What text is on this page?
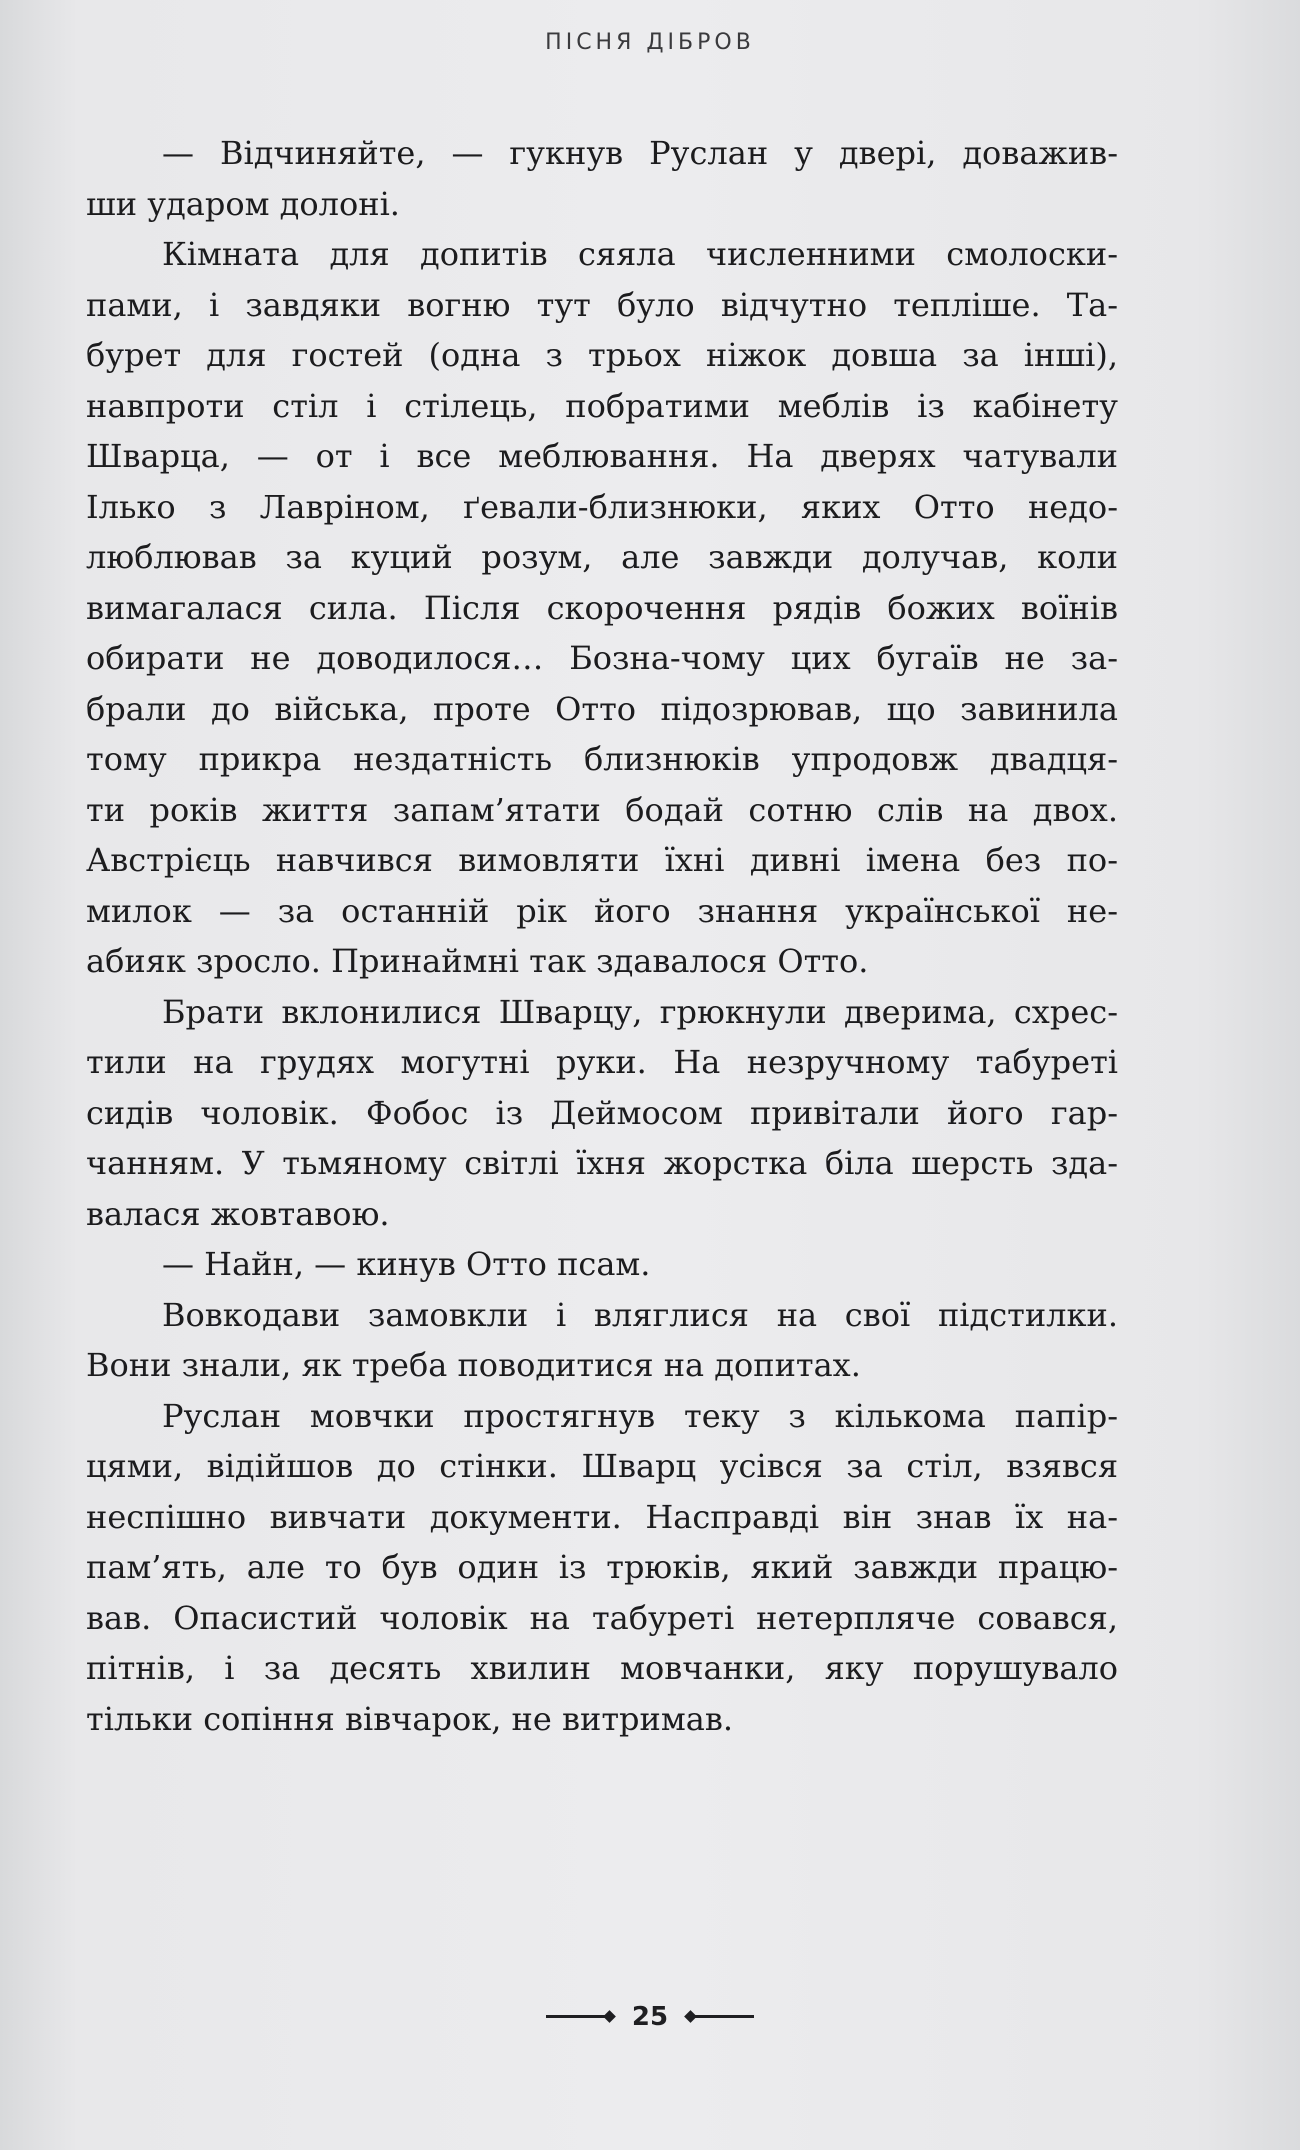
ПІСНЯ ДІБРОВ
— Відчиняйте, — гукнув Руслан у двері, доважив-
ши ударом долоні.
Кімната для допитів сяяла численними смолоски-
пами, і завдяки вогню тут було відчутно тепліше. Та-
бурет для гостей (одна з трьох ніжок довша за інші),
навпроти стіл і стілець, побратими меблів із кабінету
Шварца, — от і все меблювання. На дверях чатували
Ілько з Лавріном, ґевали-близнюки, яких Отто недо-
люблював за куций розум, але завжди долучав, коли
вимагалася сила. Після скорочення рядів божих воїнів
обирати не доводилося… Бозна-чому цих бугаїв не за-
брали до війська, проте Отто підозрював, що завинила
тому прикра нездатність близнюків упродовж двадця-
ти років життя запам’ятати бодай сотню слів на двох.
Австрієць навчився вимовляти їхні дивні імена без по-
милок — за останній рік його знання української не-
абияк зросло. Принаймні так здавалося Отто.
Брати вклонилися Шварцу, грюкнули дверима, схрес-
тили на грудях могутні руки. На незручному табуреті
сидів чоловік. Фобос із Деймосом привітали його гар-
чанням. У тьмяному світлі їхня жорстка біла шерсть зда-
валася жовтавою.
— Найн, — кинув Отто псам.
Вовкодави замовкли і вляглися на свої підстилки.
Вони знали, як треба поводитися на допитах.
Руслан мовчки простягнув теку з кількома папір-
цями, відійшов до стінки. Шварц усівся за стіл, взявся
неспішно вивчати документи. Насправді він знав їх на-
пам’ять, але то був один із трюків, який завжди працю-
вав. Опасистий чоловік на табуреті нетерпляче совався,
пітнів, і за десять хвилин мовчанки, яку порушувало
тільки сопіння вівчарок, не витримав.
25
